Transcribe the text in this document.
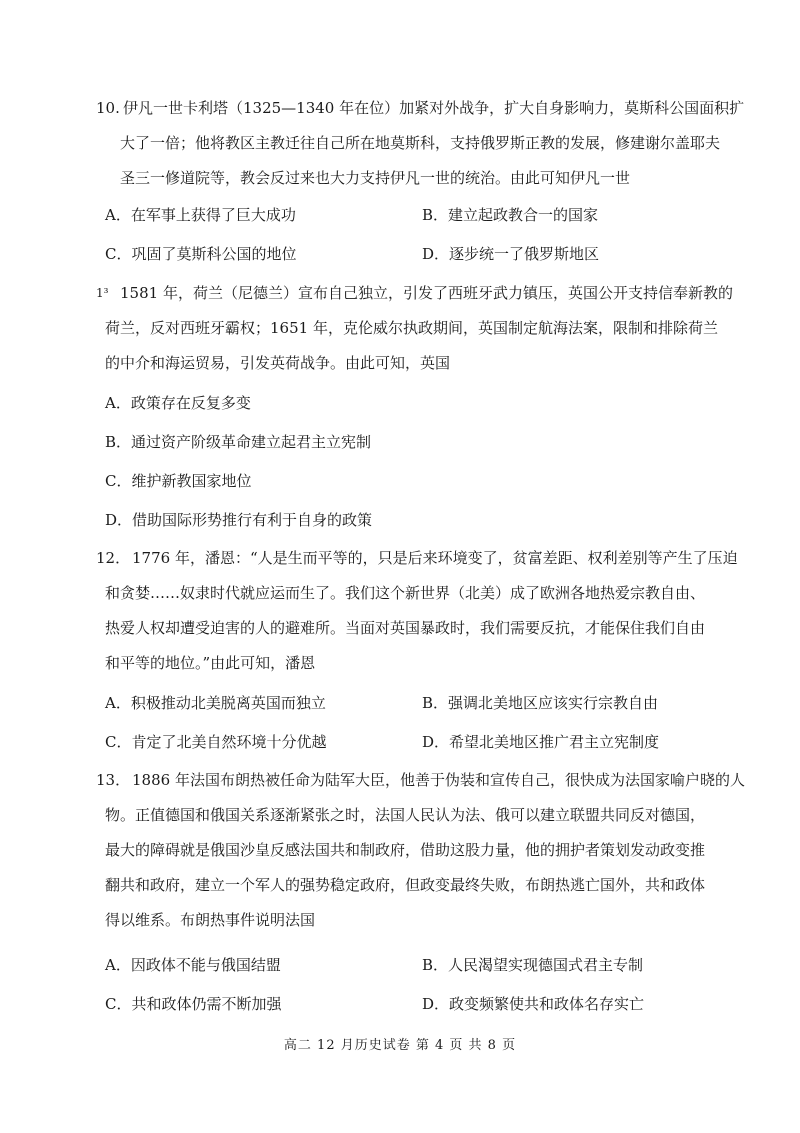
10. 伊凡一世卡利塔（1325—1340 年在位）加紧对外战争，扩大自身影响力，莫斯科公国面积扩
大了一倍；他将教区主教迁往自己所在地莫斯科，支持俄罗斯正教的发展，修建谢尔盖耶夫
圣三一修道院等，教会反过来也大力支持伊凡一世的统治。由此可知伊凡一世
A．在军事上获得了巨大成功	B．建立起政教合一的国家
C．巩固了莫斯科公国的地位	D．逐步统一了俄罗斯地区
1³ 1581 年，荷兰（尼德兰）宣布自己独立，引发了西班牙武力镇压，英国公开支持信奉新教的
荷兰，反对西班牙霸权；1651 年，克伦威尔执政期间，英国制定航海法案，限制和排除荷兰
的中介和海运贸易，引发英荷战争。由此可知，英国
A．政策存在反复多变
B．通过资产阶级革命建立起君主立宪制
C．维护新教国家地位
D．借助国际形势推行有利于自身的政策
12． 1776 年，潘恩：“人是生而平等的，只是后来环境变了，贫富差距、权利差别等产生了压迫
和贪婪……奴隶时代就应运而生了。我们这个新世界（北美）成了欧洲各地热爱宗教自由、
热爱人权却遭受迫害的人的避难所。当面对英国暴政时，我们需要反抗，才能保住我们自由
和平等的地位。”由此可知，潘恩
A．积极推动北美脱离英国而独立	B．强调北美地区应该实行宗教自由
C．肯定了北美自然环境十分优越	D．希望北美地区推广君主立宪制度
13． 1886 年法国布朗热被任命为陆军大臣，他善于伪装和宣传自己，很快成为法国家喻户晓的人
物。正值德国和俄国关系逐渐紧张之时，法国人民认为法、俄可以建立联盟共同反对德国，
最大的障碍就是俄国沙皇反感法国共和制政府，借助这股力量，他的拥护者策划发动政变推
翻共和政府，建立一个军人的强势稳定政府，但政变最终失败，布朗热逃亡国外，共和政体
得以维系。布朗热事件说明法国
A．因政体不能与俄国结盟	B．人民渴望实现德国式君主专制
C．共和政体仍需不断加强	D．政变频繁使共和政体名存实亡
高二 12 月历史试卷 第 4 页 共 8 页
